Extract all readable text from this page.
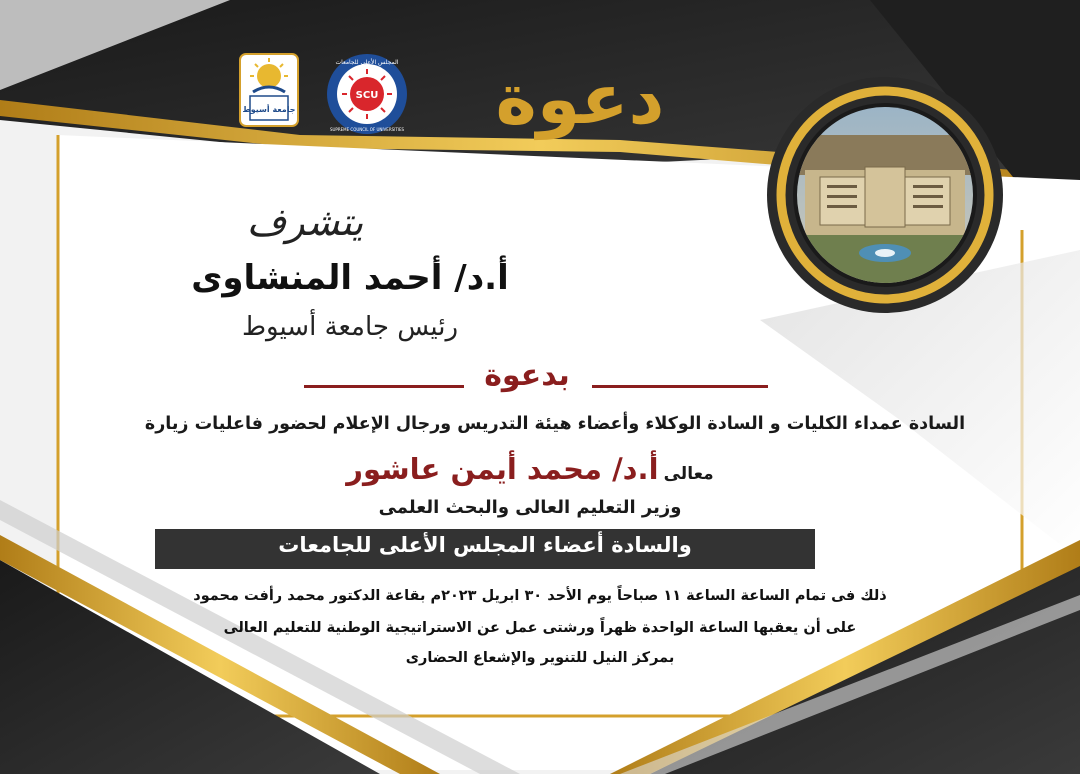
جامعة أسيوط
SCU
المجلس الأعلى للجامعات
SUPREME COUNCIL OF UNIVERSITIES	دعوة
يتشرف
أ.د/ أحمد المنشاوى
رئيس جامعة أسيوط
بدعوة
السادة عمداء الكليات و السادة الوكلاء وأعضاء هيئة التدريس ورجال الإعلام لحضور فاعليات زيارة
معالى أ.د/ محمد أيمن عاشور
وزير التعليم العالى والبحث العلمى
والسادة أعضاء المجلس الأعلى للجامعات
ذلك فى تمام الساعة الساعة ١١ صباحاً يوم الأحد ٣٠ ابريل ٢٠٢٣م بقاعة الدكتور محمد رأفت محمود
على أن يعقبها الساعة الواحدة ظهراً ورشتى عمل عن الاستراتيجية الوطنية للتعليم العالى
بمركز النيل للتنوير والإشعاع الحضارى
